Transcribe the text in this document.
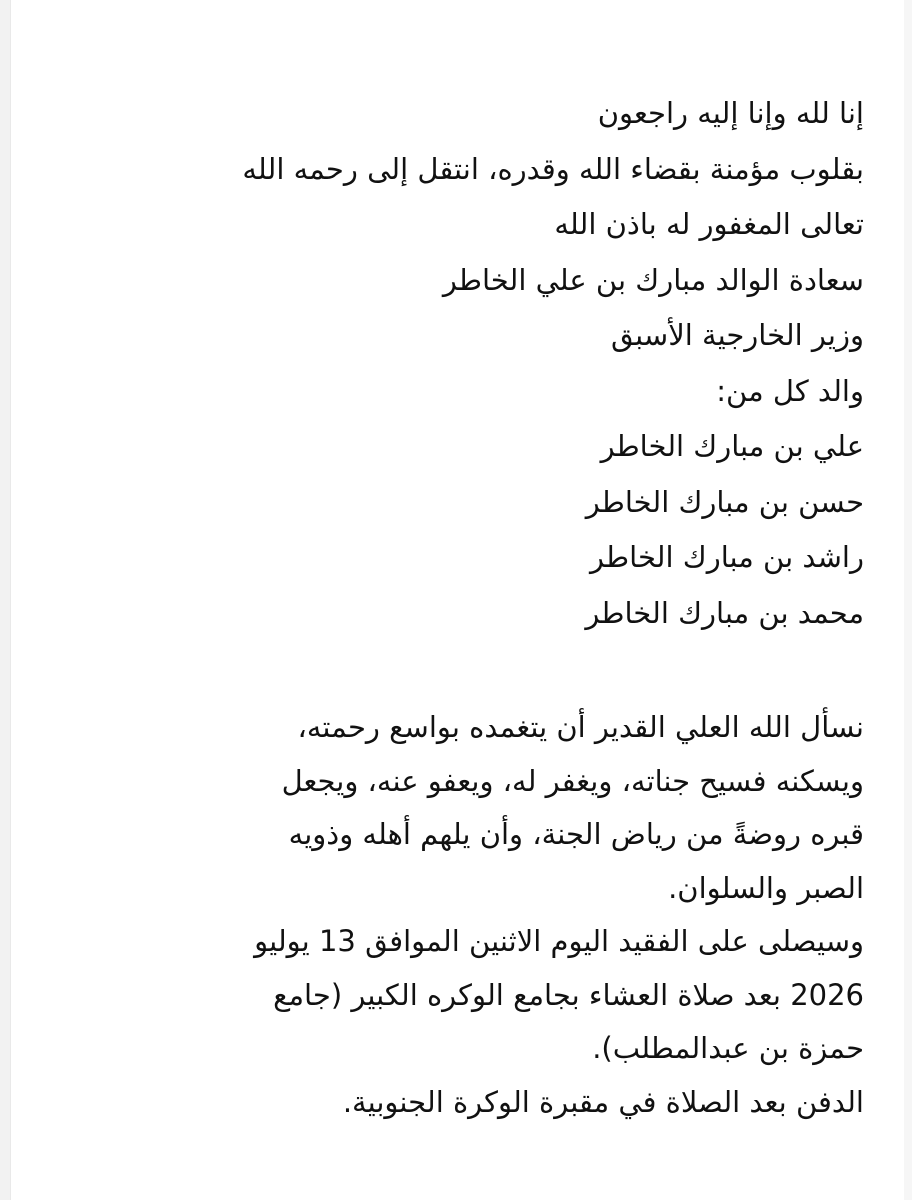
إنا لله وإنا إليه راجعون
بقلوب مؤمنة بقضاء الله وقدره، انتقل إلى رحمه الله
تعالى المغفور له باذن الله
سعادة الوالد مبارك بن علي الخاطر
وزير الخارجية الأسبق
والد كل من:
علي بن مبارك الخاطر
حسن بن مبارك الخاطر
راشد بن مبارك الخاطر
محمد بن مبارك الخاطر
نسأل الله العلي القدير أن يتغمده بواسع رحمته،
ويسكنه فسيح جناته، ويغفر له، ويعفو عنه، ويجعل
قبره روضةً من رياض الجنة، وأن يلهم أهله وذويه
الصبر والسلوان.
وسيصلى على الفقيد اليوم الاثنين الموافق 13 يوليو
2026 بعد صلاة العشاء بجامع الوكره الكبير (جامع
حمزة بن عبدالمطلب).
الدفن بعد الصلاة في مقبرة الوكرة الجنوبية.
